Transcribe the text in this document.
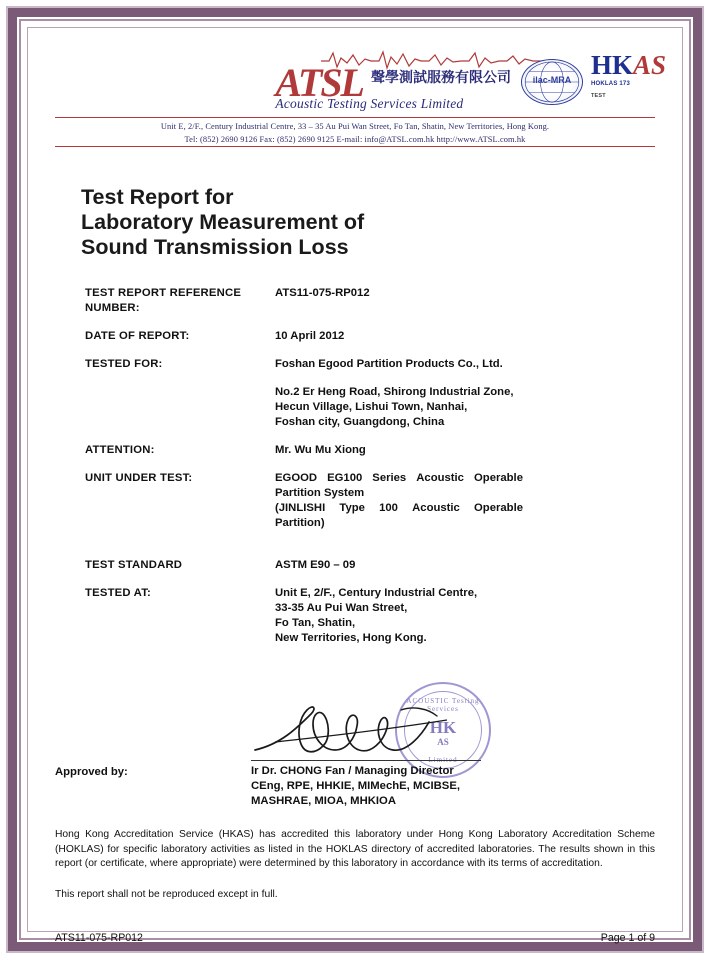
ATSL 聲學測試服務有限公司
Acoustic Testing Services Limited
ilac-MRA HKAS
HOKLAS 173
TEST
Unit E, 2/F., Century Industrial Centre, 33 – 35 Au Pui Wan Street, Fo Tan, Shatin, New Territories, Hong Kong.
Tel: (852) 2690 9126 Fax: (852) 2690 9125 E-mail: info@ATSL.com.hk http://www.ATSL.com.hk
Test Report for
Laboratory Measurement of
Sound Transmission Loss
TEST REPORT REFERENCE NUMBER:
ATS11-075-RP012
DATE OF REPORT:	10 April 2012
TESTED FOR:	Foshan Egood Partition Products Co., Ltd.
No.2 Er Heng Road, Shirong Industrial Zone,
Hecun Village, Lishui Town, Nanhai,
Foshan city, Guangdong, China
ATTENTION:	Mr. Wu Mu Xiong
UNIT UNDER TEST:	EGOOD EG100 Series Acoustic Operable
Partition System
(JINLISHI Type 100 Acoustic Operable
Partition)
TEST STANDARD	ASTM E90 – 09
TESTED AT:	Unit E, 2/F., Century Industrial Centre,
33-35 Au Pui Wan Street,
Fo Tan, Shatin,
New Territories, Hong Kong.
ACOUSTIC Testing Services
HK
AS
Limited
Approved by:	Ir Dr. CHONG Fan / Managing Director
CEng, RPE, HHKIE, MIMechE, MCIBSE,
MASHRAE, MIOA, MHKIOA
Hong Kong Accreditation Service (HKAS) has accredited this laboratory under Hong Kong Laboratory Accreditation Scheme (HOKLAS) for specific laboratory activities as listed in the HOKLAS directory of accredited laboratories. The results shown in this report (or certificate, where appropriate) were determined by this laboratory in accordance with its terms of accreditation.
This report shall not be reproduced except in full.
ATS11-075-RP012	Page 1 of 9
